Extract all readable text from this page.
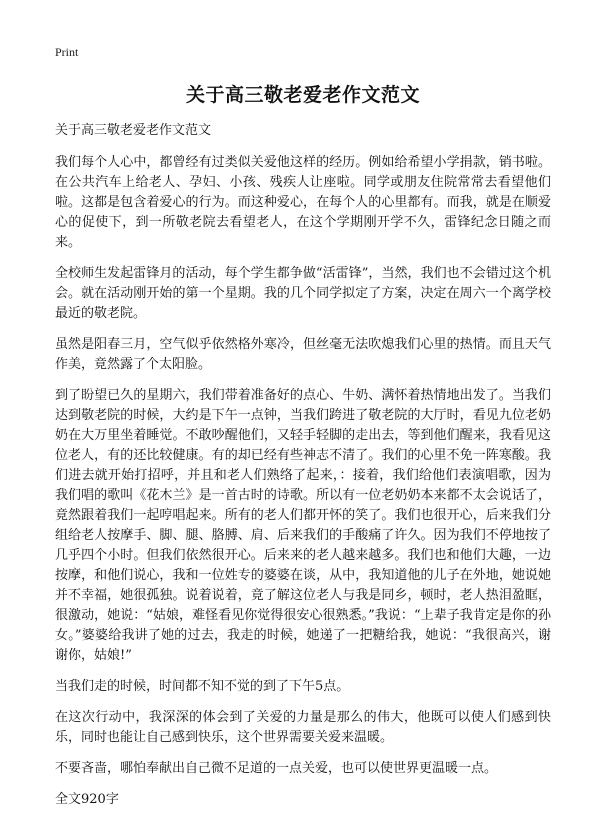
Print
关于高三敬老爱老作文范文
关于高三敬老爱老作文范文

我们每个人心中，都曾经有过类似关爱他这样的经历。例如给希望小学捐款，销书啦。在公共汽车上给老人、孕妇、小孩、残疾人让座啦。同学或朋友住院常常去看望他们啦。这都是包含着爱心的行为。而这种爱心，在每个人的心里都有。而我，就是在顺爱心的促使下，到一所敬老院去看望老人，在这个学期刚开学不久，雷锋纪念日随之而来。

全校师生发起雷锋月的活动，每个学生都争做“活雷锋”，当然，我们也不会错过这个机会。就在活动刚开始的第一个星期。我的几个同学拟定了方案，决定在周六一个离学校最近的敬老院。

虽然是阳春三月，空气似乎依然格外寒冷，但丝毫无法吹熄我们心里的热情。而且天气作美，竟然露了个太阳脸。

到了盼望已久的星期六，我们带着准备好的点心、牛奶、满怀着热情地出发了。当我们达到敬老院的时候，大约是下午一点钟，当我们跨进了敬老院的大厅时，看见九位老奶奶在大万里坐着睡觉。不敢吵醒他们，又轻手轻脚的走出去，等到他们醒来，我看见这位老人，有的还比较健康。有的却已经有些神志不清了。我们的心里不免一阵寒酸。我们进去就开始打招呼，并且和老人们熟络了起来，：接着，我们给他们表演唱歌，因为我们唱的歌叫《花木兰》是一首古时的诗歌。所以有一位老奶奶本来都不太会说话了，竟然跟着我们一起哼唱起来。所有的老人们都开怀的笑了。我们也很开心，后来我们分组给老人按摩手、脚、腿、胳膊、肩、后来我们的手酸痛了许久。因为我们不停地按了几乎四个小时。但我们依然很开心。后来来的老人越来越多。我们也和他们大趣，一边按摩，和他们说心，我和一位姓专的婆婆在谈，从中，我知道他的儿子在外地，她说她并不幸福，她很孤独。说着说着，竟了解这位老人与我是同乡，顿时，老人热泪盈眶，很激动，她说：“姑娘，难怪看见你觉得很安心很熟悉。”我说：“上辈子我肯定是你的孙女。”婆婆给我讲了她的过去，我走的时候，她递了一把糖给我，她说：“我很高兴，谢谢你，姑娘!”

当我们走的时候，时间都不知不觉的到了下午5点。

在这次行动中，我深深的体会到了关爱的力量是那么的伟大，他既可以使人们感到快乐，同时也能让自己感到快乐，这个世界需要关爱来温暖。

不要吝啬，哪怕奉献出自己微不足道的一点关爱，也可以使世界更温暖一点。

全文920字
